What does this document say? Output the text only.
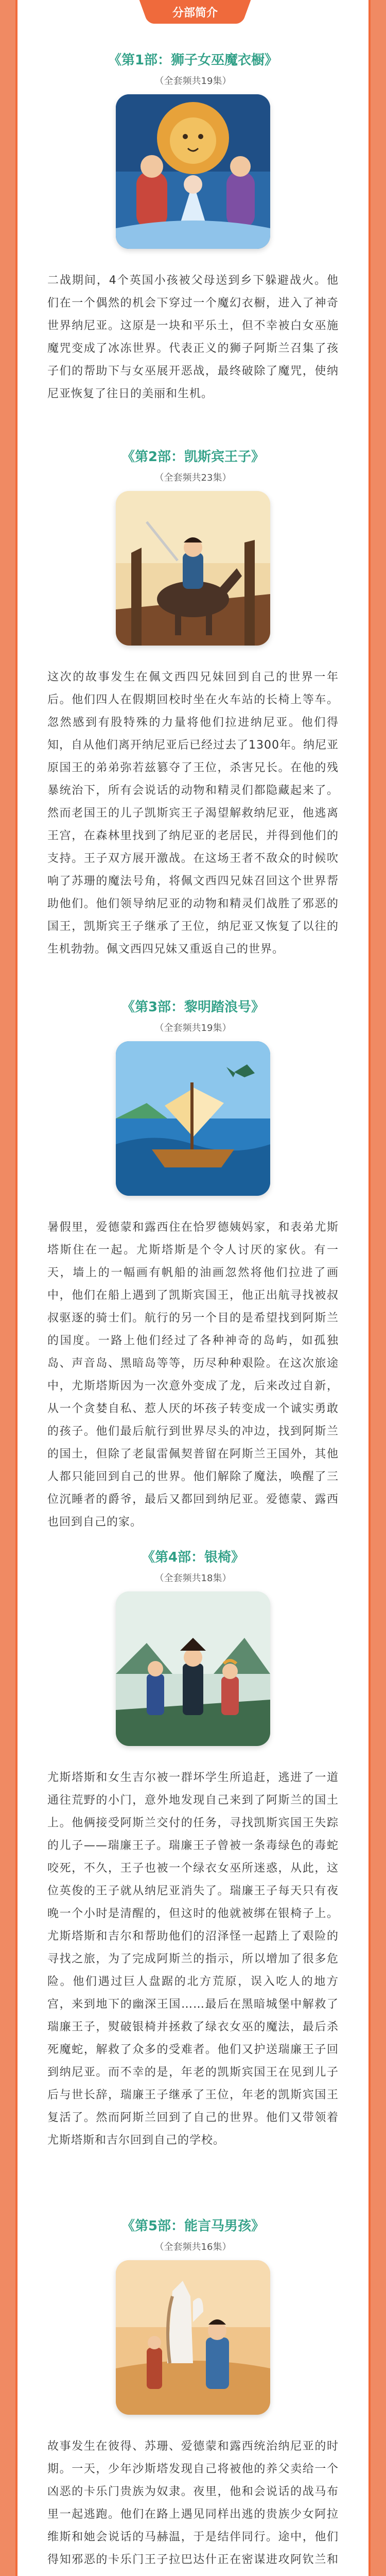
分部简介
《第1部：狮子女巫魔衣橱》
（全套频共19集）

二战期间，4个英国小孩被父母送到乡下躲避战火。他们在一个偶然的机会下穿过一个魔幻衣橱，进入了神奇世界纳尼亚。这原是一块和平乐土，但不幸被白女巫施魔咒变成了冰冻世界。代表正义的狮子阿斯兰召集了孩子们的帮助下与女巫展开恶战，最终破除了魔咒，使纳尼亚恢复了往日的美丽和生机。

《第2部：凯斯宾王子》
（全套频共23集）

这次的故事发生在佩文西四兄妹回到自己的世界一年后。他们四人在假期回校时坐在火车站的长椅上等车。忽然感到有股特殊的力量将他们拉进纳尼亚。他们得知，自从他们离开纳尼亚后已经过去了1300年。纳尼亚原国王的弟弟弥若兹篡夺了王位，杀害兄长。在他的残暴统治下，所有会说话的动物和精灵们都隐藏起来了。然而老国王的儿子凯斯宾王子渴望解救纳尼亚，他逃离王宫，在森林里找到了纳尼亚的老居民，并得到他们的支持。王子双方展开激战。在这场王者不敌众的时候吹响了苏珊的魔法号角，将佩文西四兄妹召回这个世界帮助他们。他们领导纳尼亚的动物和精灵们战胜了邪恶的国王，凯斯宾王子继承了王位，纳尼亚又恢复了以往的生机勃勃。佩文西四兄妹又重返自己的世界。

《第3部：黎明踏浪号》
（全套频共19集）

暑假里，爱德蒙和露西住在恰罗德姨妈家，和表弟尤斯塔斯住在一起。尤斯塔斯是个令人讨厌的家伙。有一天，墙上的一幅画有帆船的油画忽然将他们拉进了画中，他们在船上遇到了凯斯宾国王，他正出航寻找被叔叔驱逐的骑士们。航行的另一个目的是希望找到阿斯兰的国度。一路上他们经过了各种神奇的岛屿，如孤独岛、声音岛、黑暗岛等等，历尽种种艰险。在这次旅途中，尤斯塔斯因为一次意外变成了龙，后来改过自新，从一个贪婪自私、惹人厌的坏孩子转变成一个诚实勇敢的孩子。他们最后航行到世界尽头的冲边，找到阿斯兰的国土，但除了老鼠雷佩契普留在阿斯兰王国外，其他人都只能回到自己的世界。他们解除了魔法，唤醒了三位沉睡者的爵爷，最后又都回到纳尼亚。爱德蒙、露西也回到自己的家。

《第4部：银椅》
（全套频共18集）

尤斯塔斯和女生吉尔被一群坏学生所追赶，逃进了一道通往荒野的小门，意外地发现自己来到了阿斯兰的国土上。他俩接受阿斯兰交付的任务，寻找凯斯宾国王失踪的儿子——瑞廉王子。瑞廉王子曾被一条毒绿色的毒蛇咬死，不久，王子也被一个绿衣女巫所迷惑，从此，这位英俊的王子就从纳尼亚消失了。瑞廉王子每天只有夜晚一个小时是清醒的，但这时的他就被绑在银椅子上。尤斯塔斯和吉尔和帮助他们的沼泽怪一起踏上了艰险的寻找之旅，为了完成阿斯兰的指示，所以增加了很多危险。他们遇过巨人盘踞的北方荒原，误入吃人的地方宫，来到地下的幽深王国……最后在黑暗城堡中解救了瑞廉王子，熨破银椅并拯救了绿衣女巫的魔法，最后杀死魔蛇，解救了众多的受难者。他们又护送瑞廉王子回到纳尼亚。而不幸的是，年老的凯斯宾国王在见到儿子后与世长辞，瑞廉王子继承了王位，年老的凯斯宾国王复活了。然而阿斯兰回到了自己的世界。他们又带领着尤斯塔斯和吉尔回到自己的学校。

《第5部：能言马男孩》
（全套频共16集）

故事发生在彼得、苏珊、爱德蒙和露西统治纳尼亚的时期。一天，少年沙斯塔发现自己将被他的养父卖给一个凶恶的卡乐门贵族为奴隶。夜里，他和会说话的战马布里一起逃跑。他们在路上遇见同样出逃的贵族少女阿拉维斯和她会说话的马赫温，于是结伴同行。途中，他们得知邪恶的卡乐门王子拉巴达什正在密谋进攻阿钦兰和
